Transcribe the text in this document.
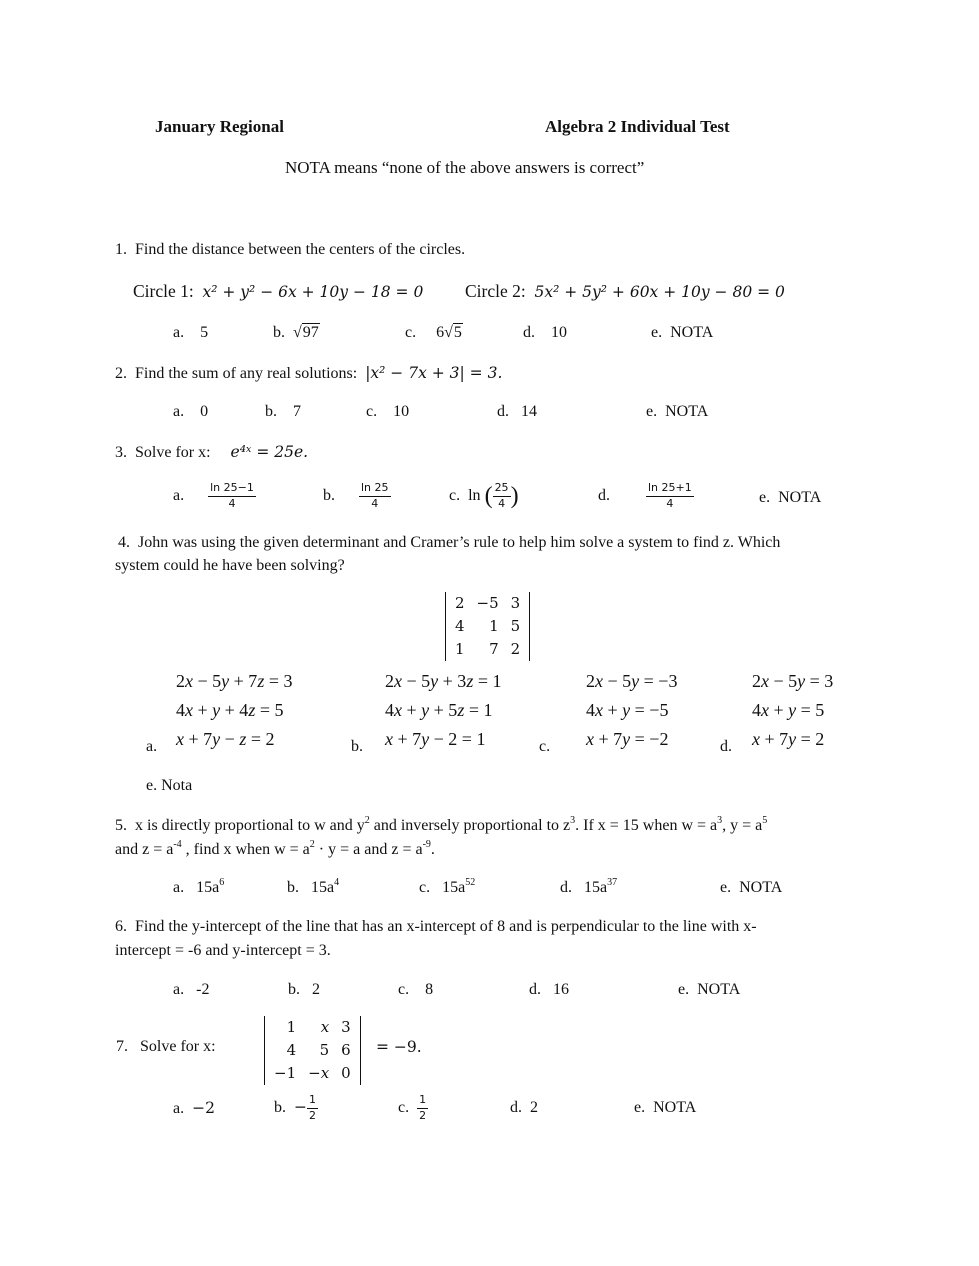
January Regional	Algebra 2 Individual Test
NOTA means “none of the above answers is correct”
1. Find the distance between the centers of the circles.
Circle 1: x² + y² − 6x + 10y − 18 = 0 Circle 2: 5x² + 5y² + 60x + 10y − 80 = 0
a. 5	b. √97	c. 6√5	d. 10	e. NOTA
2. Find the sum of any real solutions: |x² − 7x + 3| = 3.
a. 0	b. 7	c. 10	d. 14	e. NOTA
3. Solve for x: e⁴ˣ = 25e.
a. $\frac{\ln 25-1}{4}$	b. $\frac{\ln 25}{4}$	c. ln ( $\frac{25}{4}$ )	d.	$\frac{\ln 25+1}{4}$	e. NOTA
4. John was using the given determinant and Cramer’s rule to help him solve a system to find z. Which
system could he have been solving?
2	−5	3
4	1	5
1	7	2
2x − 5y + 7z = 3
4x + y + 4z = 5
x + 7y − z = 2
a.
2x − 5y + 3z = 1
4x + y + 5z = 1
x + 7y − 2 = 1
b.
2x − 5y = −3
4x + y = −5
x + 7y = −2
c.
2x − 5y = 3
4x + y = 5
x + 7y = 2
d.
e. Nota
5. x is directly proportional to w and $y^2$ and inversely proportional to $z^3$. If x = 15 when $w = a^3$, $y = a^5$
and $z = a^{-4}$ , find x when $w = a^2 \cdot y = a$ and $z = a^{-9}$.
a. $15a^6$	b. $15a^4$	c. $15a^{52}$	d. $15a^{37}$	e. NOTA
6. Find the y-intercept of the line that has an x-intercept of 8 and is perpendicular to the line with x-
intercept = -6 and y-intercept = 3.
a. -2	b. 2	c. 8	d. 16	e. NOTA
7. Solve for x:
1	x	3
4	5	6
−1	−x	0
= −9.
a. −2	b. − $\frac{1}{2}$	c. $\frac{1}{2}$	d. 2	e. NOTA
